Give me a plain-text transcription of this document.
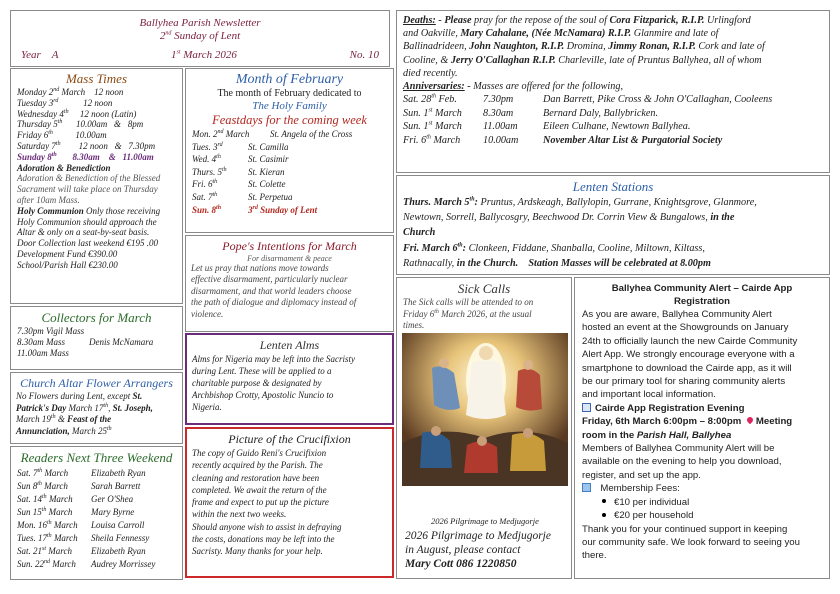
Ballyhea Parish Newsletter
2nd Sunday of Lent
Year A	1st March 2026	No. 10
Mass Times
Monday 2nd March    12 noon
Tuesday 3rd           12 noon
Wednesday 4th     12 noon (Latin)
Thursday 5th      10.00am   &   8pm
Friday 6th          10.00am
Saturday 7th        12 noon   &   7.30pm
Sunday 8th       8.30am    &   11.00am
Adoration & Benediction
Adoration & Benediction of the Blessed
Sacrament will take place on Thursday
after 10am Mass.
Holy Communion Only those receiving
Holy Communion should approach the
Altar & only on a seat-by-seat basis.
Door Collection last weekend €195 .00
Development Fund €390.00
School/Parish Hall €230.00
Collectors for March
7.30pm Vigil Mass
8.30am Mass	Denis McNamara
11.00am Mass
Church Altar Flower Arrangers
No Flowers during Lent, except St.
Patrick's Day March 17th, St. Joseph,
March 19th & Feast of the
Annunciation, March 25th
Readers Next Three Weekend
Sat. 7th March	Elizabeth Ryan
Sun 8th March	Sarah Barrett
Sat. 14th March Ger O'Shea
Sun 15th March Mary Byrne
Mon. 16th March Louisa Carroll
Tues. 17th March Sheila Fennessy
Sat. 21st March Elizabeth Ryan
Sun. 22nd March Audrey Morrissey
Month of February
The month of February dedicated to
The Holy Family
Feastdays for the coming week
Mon. 2nd March St. Angela of the Cross
Tues. 3rd	St. Camilla
Wed. 4th	St. Casimir
Thurs. 5th St. Kieran
Fri. 6th	St. Colette
Sat. 7th	St. Perpetua
Sun. 8th	3rd Sunday of Lent
Pope's Intentions for March
For disarmament & peace
Let us pray that nations move towards
effective disarmament, particularly nuclear
disarmament, and that world leaders choose
the path of dialogue and diplomacy instead of
violence.
Lenten Alms
Alms for Nigeria may be left into the Sacristy
during Lent. These will be applied to a
charitable purpose & designated by
Archbishop Crotty, Apostolic Nuncio to
Nigeria.
Picture of the Crucifixion
The copy of Guido Reni's Crucifixion
recently acquired by the Parish. The
cleaning and restoration have been
completed. We await the return of the
frame and expect to put up the picture
within the next two weeks.
Should anyone wish to assist in defraying
the costs, donations may be left into the
Sacristy. Many thanks for your help.
Deaths: - Please pray for the repose of the soul of Cora Fitzparick, R.I.P. Urlingford
and Oakville, Mary Cahalane, (Née McNamara) R.I.P. Glanmire and late of
Ballinadrideen, John Naughton, R.I.P. Dromina, Jimmy Ronan, R.I.P. Cork and late of
Cooline, & Jerry O'Callaghan R.I.P. Charleville, late of Pruntus Ballyhea, all of whom
died recently.
Anniversaries: - Masses are offered for the following,
Sat. 28th Feb.	7.30pm	Dan Barrett, Pike Cross & John O'Callaghan, Cooleens
Sun. 1st March 8.30am	Bernard Daly, Ballybricken.
Sun. 1st March 11.00am Eileen Culhane, Newtown Ballyhea.
Fri. 6th March 10.00am November Altar List & Purgatorial Society
Lenten Stations
Thurs. March 5th: Pruntus, Ardskeagh, Ballylopin, Gurrane, Knightsgrove, Glanmore,
Newtown, Sorrell, Ballycosgry, Beechwood Dr. Corrin View & Bungalows, in the
Church
Fri. March 6th: Clonkeen, Fiddane, Shanballa, Cooline, Miltown, Kiltass,
Rathnacally, in the Church.    Station Masses will be celebrated at 8.00pm
Sick Calls
The Sick calls will be attended to on
Friday 6th March 2026, at the usual
times.
2026 Pilgrimage to Medjugorje
2026 Pilgrimage to Medjugorje
in August, please contact
Mary Cott 086 1220850
Ballyhea Community Alert – Cairde App
Registration
As you are aware, Ballyhea Community Alert
hosted an event at the Showgrounds on January
24th to officially launch the new Cairde Community
Alert App. We strongly encourage everyone with a
smartphone to download the Cairde app, as it will
be our primary tool for sharing community alerts
and important local information.
Cairde App Registration Evening
Friday, 6th March 6:00pm – 8:00pm Meeting
room in the Parish Hall, Ballyhea
Members of Ballyhea Community Alert will be
available on the evening to help you download,
register, and set up the app.
Membership Fees:
€10 per individual
€20 per household
Thank you for your continued support in keeping
our community safe. We look forward to seeing you
there.
